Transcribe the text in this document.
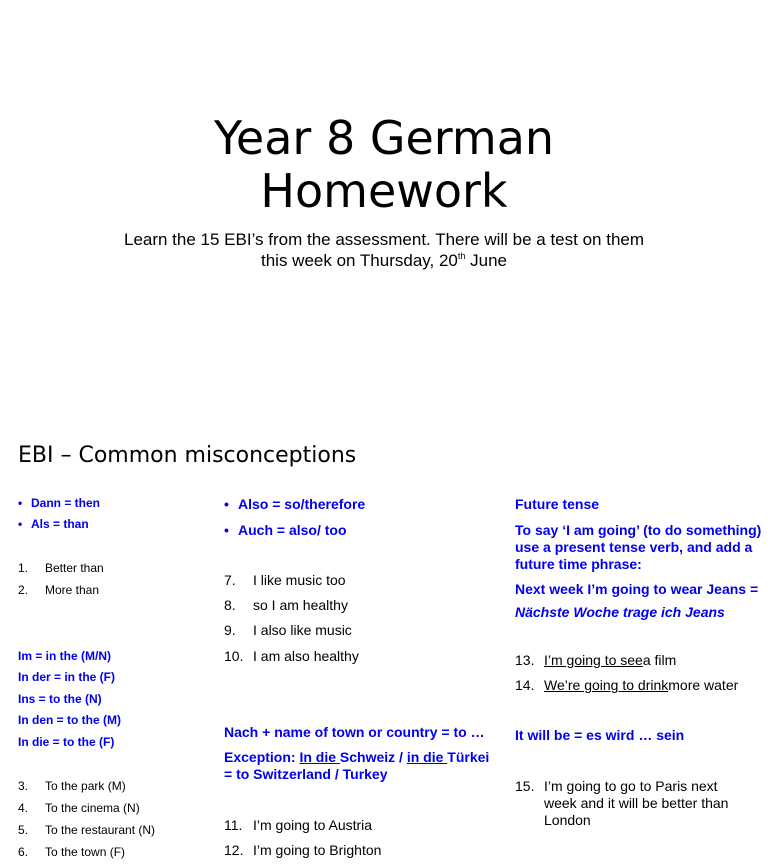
Year 8 German
Homework
Learn the 15 EBI’s from the assessment. There will be a test on them
this week on Thursday, 20th June
EBI – Common misconceptions
• Dann = then
• Als = than
1.	Better than
2.	More than
Im = in the (M/N)
In der = in the (F)
Ins = to the (N)
In den = to the (M)
In die = to the (F)
3.	To the park (M)
4.	To the cinema (N)
5.	To the restaurant (N)
6.	To the town (F)
• Also = so/therefore
• Auch = also/ too
7.	I like music too
8.	so I am healthy
9.	I also like music
10. I am also healthy
Nach + name of town or country = to …
Exception: In die Schweiz / in die Türkei
= to Switzerland / Turkey
11. I’m going to Austria
12. I’m going to Brighton
Future tense
To say ‘I am going’ (to do something)
use a present tense verb, and add a
future time phrase:
Next week I’m going to wear Jeans =
Nächste Woche trage ich Jeans
13. I’m going to see a film
14. We’re going to drink more water
It will be = es wird … sein
15. I’m going to go to Paris next
week and it will be better than
London
